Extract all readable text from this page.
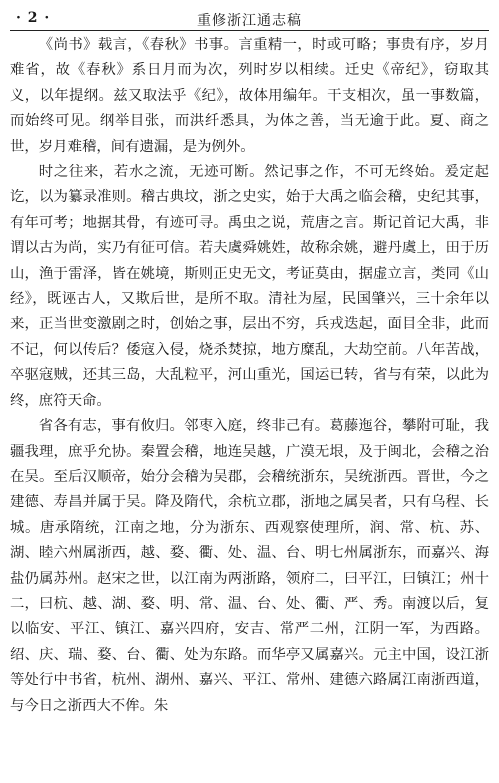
· 2 ·	重修浙江通志稿

《尚书》载言，《春秋》书事。言重精一，时或可略；事贵有序，岁月难省，故《春秋》系日月而为次，列时岁以相续。迁史《帝纪》，窃取其义，以年提纲。兹又取法乎《纪》，故体用编年。干支相次，虽一事数篇，而始终可见。纲举目张，而洪纤悉具，为体之善，当无逾于此。夏、商之世，岁月难稽，间有遗漏，是为例外。

时之往来，若水之流，无迹可断。然记事之作，不可无终始。爰定起讫，以为纂录准则。稽古典坟，浙之史实，始于大禹之临会稽，史纪其事，有年可考；地据其骨，有迹可寻。禹虫之说，荒唐之言。斯记首记大禹，非谓以古为尚，实乃有征可信。若夫虞舜姚姓，故称余姚，避丹虞上，田于历山，渔于雷泽，皆在姚境，斯则正史无文，考证莫由，据虚立言，类同《山经》，既诬古人，又欺后世，是所不取。清社为屋，民国肇兴，三十余年以来，正当世变激剧之时，创始之事，层出不穷，兵戎迭起，面目全非，此而不记，何以传后？倭寇入侵，烧杀焚掠，地方糜乱，大劫空前。八年苦战，卒驱寇贼，还其三岛，大乱粒平，河山重光，国运已转，省与有荣，以此为终，庶符天命。

省各有志，事有攸归。邻枣入庭，终非己有。葛藤迤谷，攀附可耻，我疆我理，庶乎允协。秦置会稽，地连吴越，广漠无垠，及于闽北，会稽之治在吴。至后汉顺帝，始分会稽为吴郡，会稽统浙东，吴统浙西。晋世，今之建德、寿昌并属于吴。降及隋代，余杭立郡，浙地之属吴者，只有乌程、长城。唐承隋统，江南之地，分为浙东、西观察使理所，润、常、杭、苏、湖、睦六州属浙西，越、婺、衢、处、温、台、明七州属浙东，而嘉兴、海盐仍属苏州。赵宋之世，以江南为两浙路，领府二，曰平江，曰镇江；州十二，曰杭、越、湖、婺、明、常、温、台、处、衢、严、秀。南渡以后，复以临安、平江、镇江、嘉兴四府，安吉、常严二州，江阴一军，为西路。绍、庆、瑞、婺、台、衢、处为东路。而华亭又属嘉兴。元主中国，设江浙等处行中书省，杭州、湖州、嘉兴、平江、常州、建德六路属江南浙西道，与今日之浙西大不侔。朱
